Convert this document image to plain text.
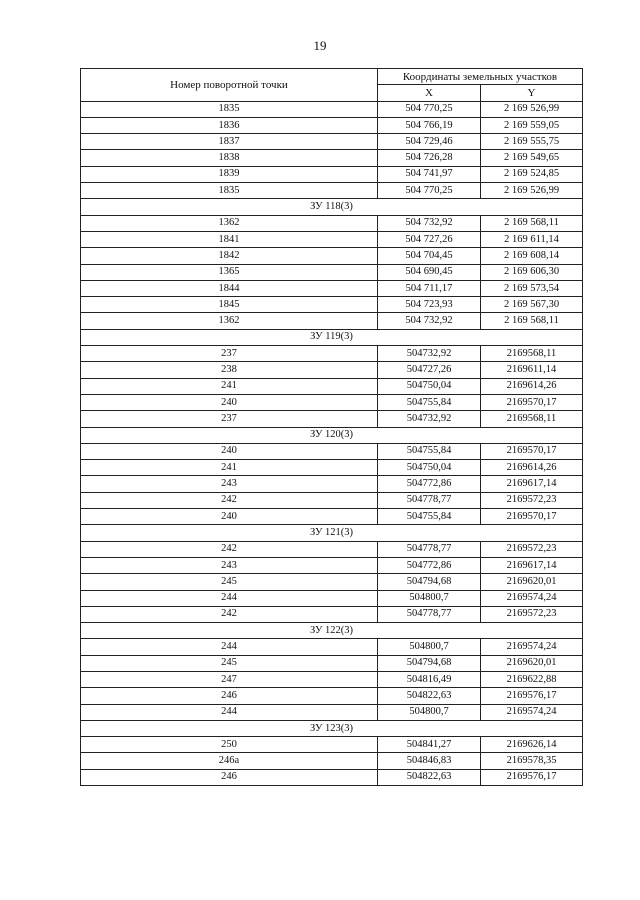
19
Номер поворотной точки	Координаты земельных участков	
	X	Y
1835	504 770,25	2 169 526,99
1836	504 766,19	2 169 559,05
1837	504 729,46	2 169 555,75
1838	504 726,28	2 169 549,65
1839	504 741,97	2 169 524,85
1835	504 770,25	2 169 526,99
ЗУ 118(3)		
1362	504 732,92	2 169 568,11
1841	504 727,26	2 169 611,14
1842	504 704,45	2 169 608,14
1365	504 690,45	2 169 606,30
1844	504 711,17	2 169 573,54
1845	504 723,93	2 169 567,30
1362	504 732,92	2 169 568,11
ЗУ 119(3)		
237	504732,92	2169568,11
238	504727,26	2169611,14
241	504750,04	2169614,26
240	504755,84	2169570,17
237	504732,92	2169568,11
ЗУ 120(3)		
240	504755,84	2169570,17
241	504750,04	2169614,26
243	504772,86	2169617,14
242	504778,77	2169572,23
240	504755,84	2169570,17
ЗУ 121(3)		
242	504778,77	2169572,23
243	504772,86	2169617,14
245	504794,68	2169620,01
244	504800,7	2169574,24
242	504778,77	2169572,23
ЗУ 122(3)		
244	504800,7	2169574,24
245	504794,68	2169620,01
247	504816,49	2169622,88
246	504822,63	2169576,17
244	504800,7	2169574,24
ЗУ 123(3)		
250	504841,27	2169626,14
246а	504846,83	2169578,35
246	504822,63	2169576,17
